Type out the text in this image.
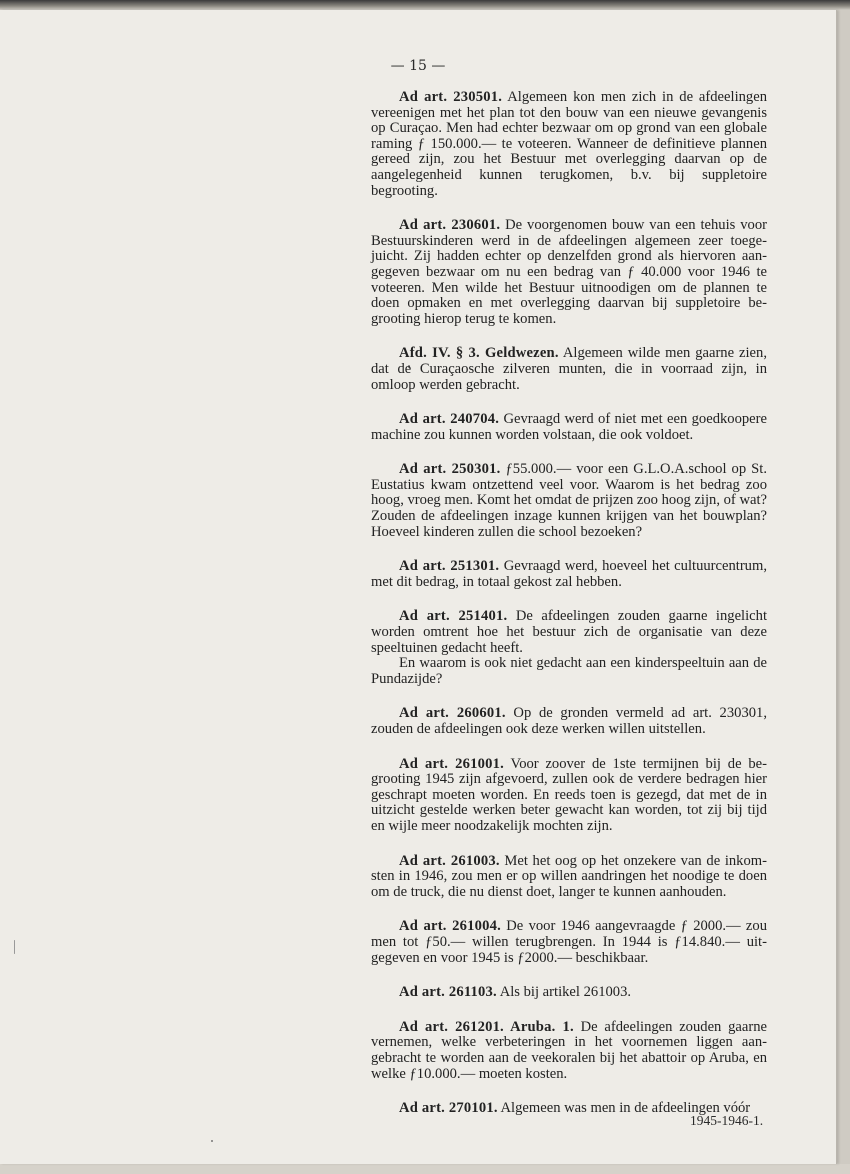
— 15 —

Ad art. 230501. Algemeen kon men zich in de afdeelingen vereenigen met het plan tot den bouw van een nieuwe gevangenis op Curaçao. Men had echter bezwaar om op grond van een globale raming ƒ 150.000.— te voteeren. Wanneer de definitieve plannen gereed zijn, zou het Bestuur met overlegging daarvan op de aangelegenheid kunnen terugkomen, b.v. bij suppletoire begrooting.

Ad art. 230601. De voorgenomen bouw van een tehuis voor Bestuurskinderen werd in de afdeelingen algemeen zeer toegejuicht. Zij hadden echter op denzelfden grond als hiervoren aangegeven bezwaar om nu een bedrag van ƒ 40.000 voor 1946 te voteeren. Men wilde het Bestuur uitnoodigen om de plannen te doen opmaken en met overlegging daarvan bij suppletoire begrooting hierop terug te komen.

Afd. IV. § 3. Geldwezen. Algemeen wilde men gaarne zien, dat de Curaçaosche zilveren munten, die in voorraad zijn, in omloop werden gebracht.

Ad art. 240704. Gevraagd werd of niet met een goedkoopere machine zou kunnen worden volstaan, die ook voldoet.

Ad art. 250301. ƒ55.000.— voor een G.L.O.A.school op St. Eustatius kwam ontzettend veel voor. Waarom is het bedrag zoo hoog, vroeg men. Komt het omdat de prijzen zoo hoog zijn, of wat? Zouden de afdeelingen inzage kunnen krijgen van het bouwplan? Hoeveel kinderen zullen die school bezoeken?

Ad art. 251301. Gevraagd werd, hoeveel het cultuurcentrum, met dit bedrag, in totaal gekost zal hebben.

Ad art. 251401. De afdeelingen zouden gaarne ingelicht worden omtrent hoe het bestuur zich de organisatie van deze speeltuinen gedacht heeft.

En waarom is ook niet gedacht aan een kinderspeeltuin aan de Pundazijde?

Ad art. 260601. Op de gronden vermeld ad art. 230301, zouden de afdeelingen ook deze werken willen uitstellen.

Ad art. 261001. Voor zoover de 1ste termijnen bij de begrooting 1945 zijn afgevoerd, zullen ook de verdere bedragen hier geschrapt moeten worden. En reeds toen is gezegd, dat met de in uitzicht gestelde werken beter gewacht kan worden, tot zij bij tijd en wijle meer noodzakelijk mochten zijn.

Ad art. 261003. Met het oog op het onzekere van de inkomsten in 1946, zou men er op willen aandringen het noodige te doen om de truck, die nu dienst doet, langer te kunnen aanhouden.

Ad art. 261004. De voor 1946 aangevraagde ƒ 2000.— zou men tot ƒ50.— willen terugbrengen. In 1944 is ƒ14.840.— uitgegeven en voor 1945 is ƒ2000.— beschikbaar.

Ad art. 261103. Als bij artikel 261003.

Ad art. 261201. Aruba. 1. De afdeelingen zouden gaarne vernemen, welke verbeteringen in het voornemen liggen aangebracht te worden aan de veekoralen bij het abattoir op Aruba, en welke ƒ10.000.— moeten kosten.

Ad art. 270101. Algemeen was men in de afdeelingen vóór

1945-1946-1.
